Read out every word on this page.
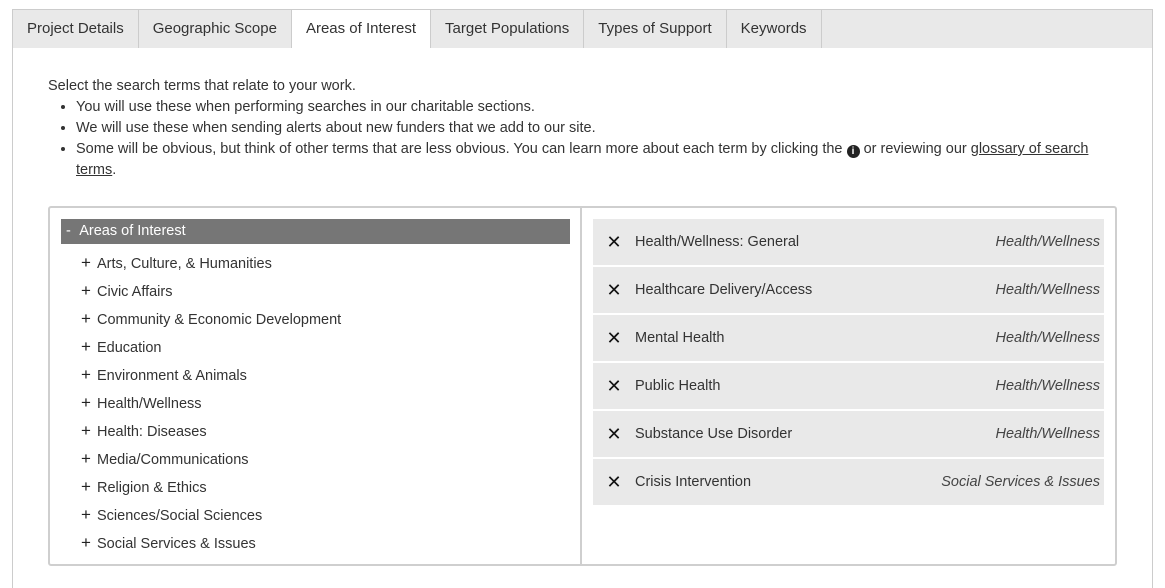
Project Details	Geographic Scope	Areas of Interest	Target Populations	Types of Support	Keywords

Select the search terms that relate to your work.

• You will use these when performing searches in our charitable sections.
• We will use these when sending alerts about new funders that we add to our site.
• Some will be obvious, but think of other terms that are less obvious. You can learn more about each term by clicking the i or reviewing our glossary of search terms.
- Areas of Interest
+ Arts, Culture, & Humanities
+ Civic Affairs
+ Community & Economic Development
+ Education
+ Environment & Animals
+ Health/Wellness
+ Health: Diseases
+ Media/Communications
+ Religion & Ethics
+ Sciences/Social Sciences
+ Social Services & Issues
✕ Health/Wellness: General	Health/Wellness
✕ Healthcare Delivery/Access	Health/Wellness
✕ Mental Health	Health/Wellness
✕ Public Health	Health/Wellness
✕ Substance Use Disorder	Health/Wellness
✕ Crisis Intervention	Social Services & Issues
